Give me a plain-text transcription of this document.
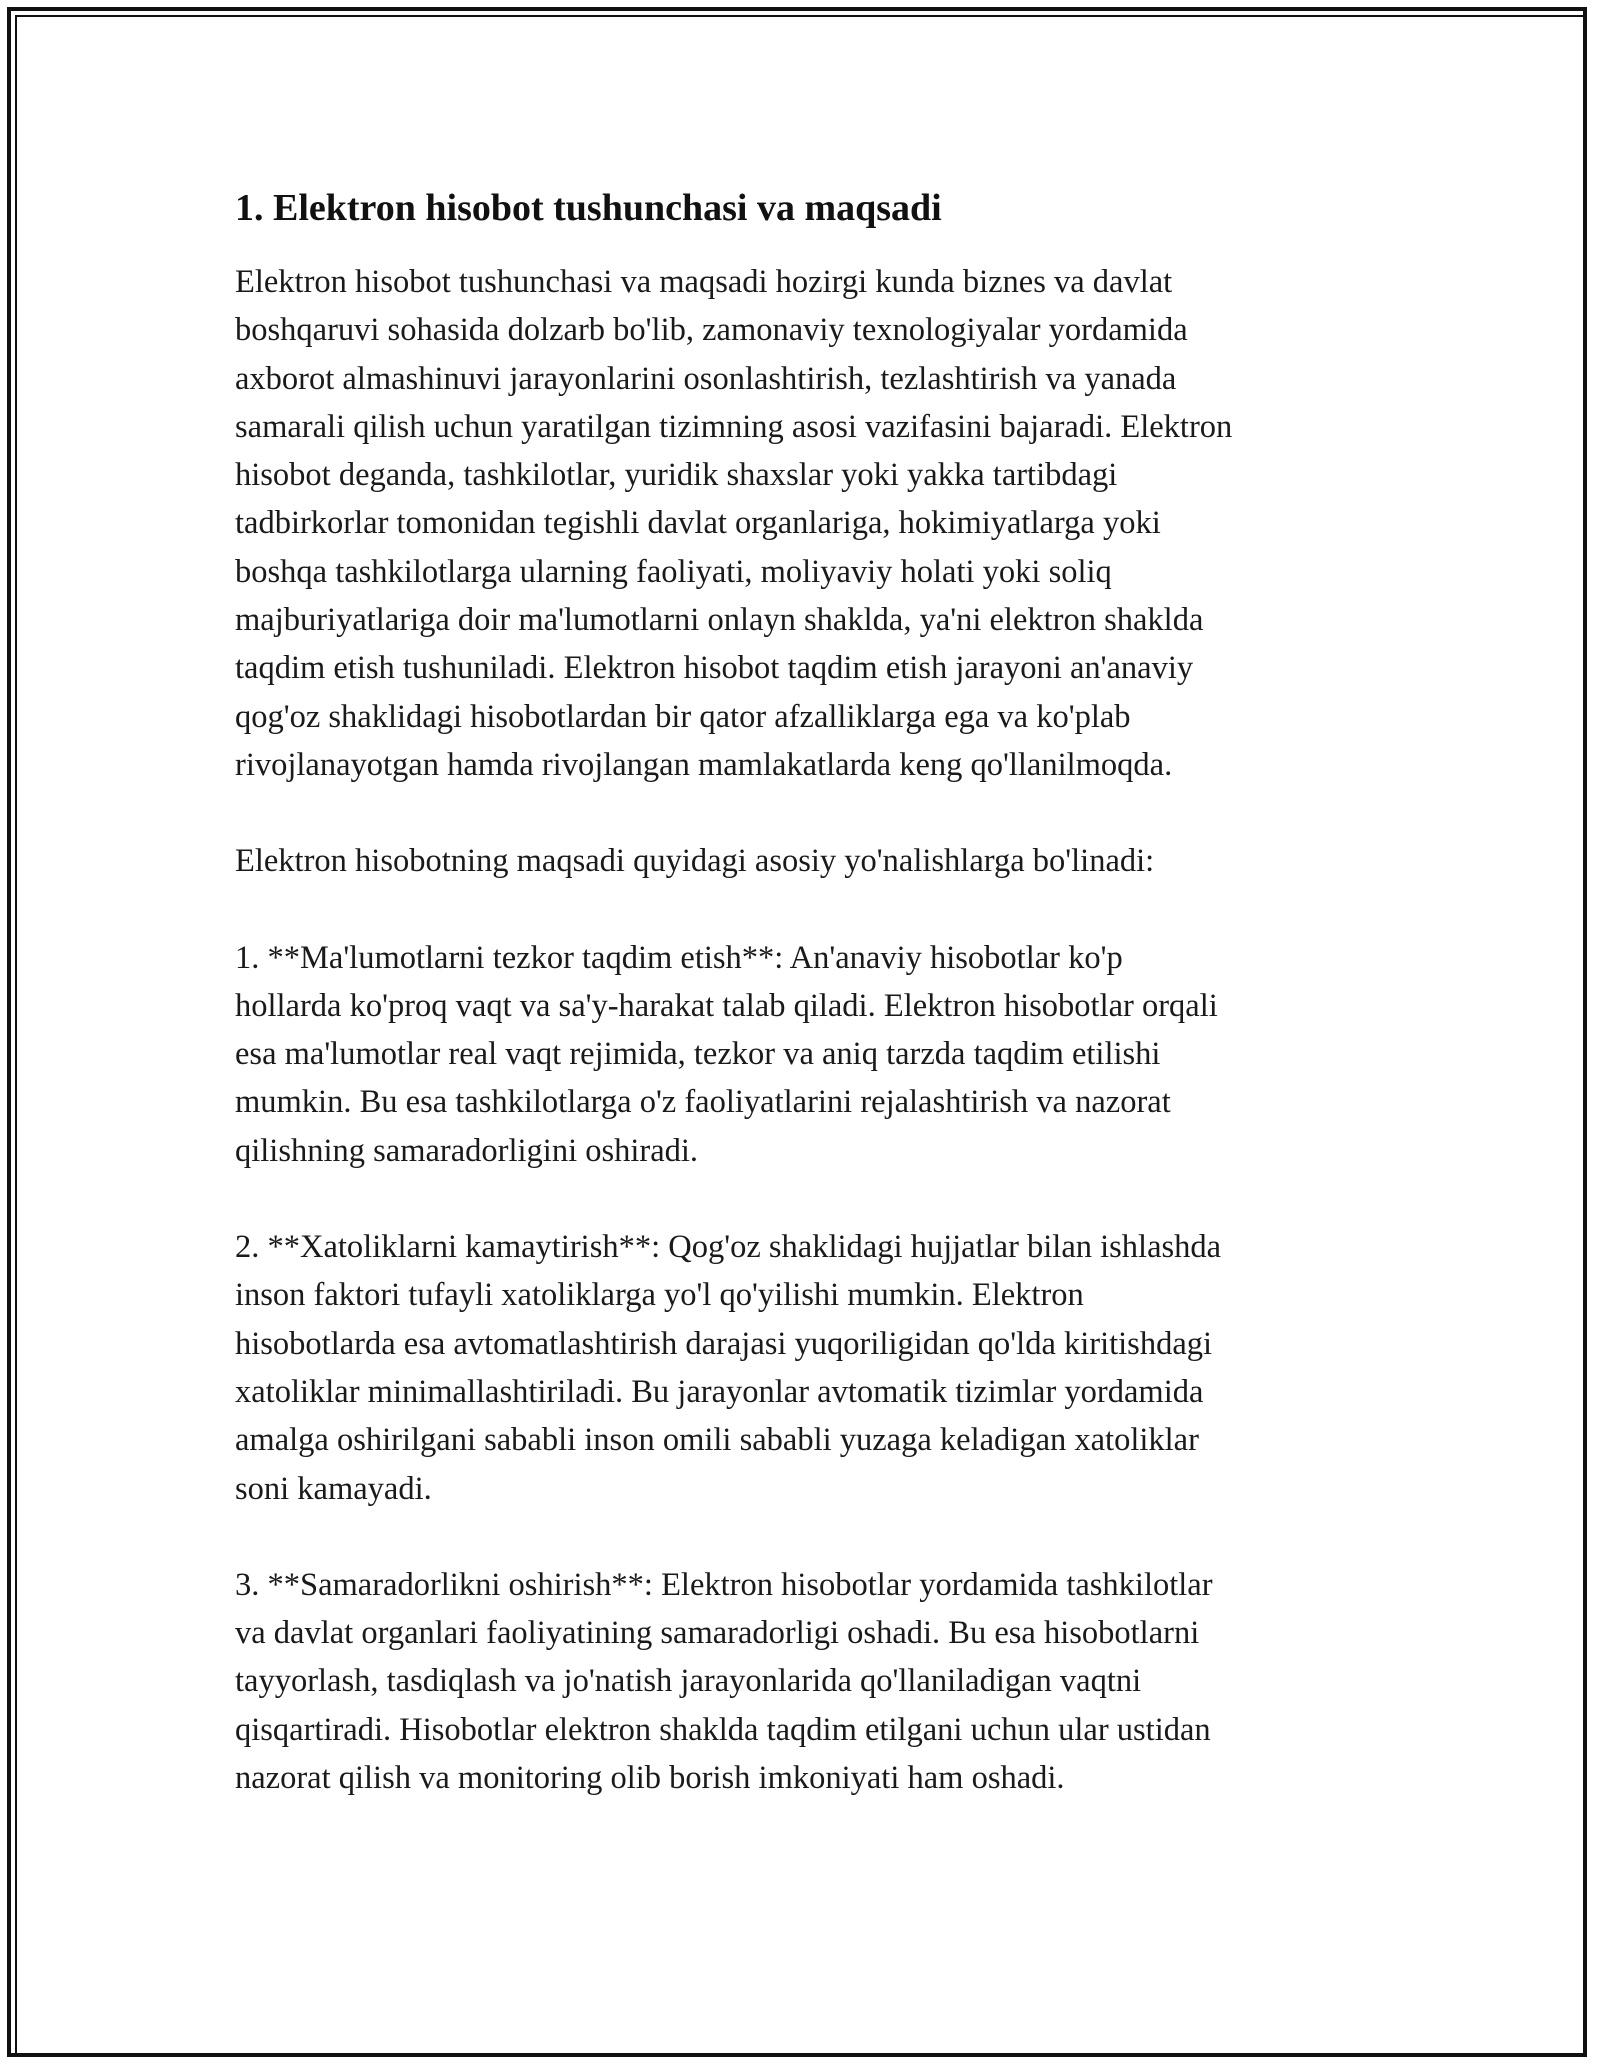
1. Elektron hisobot tushunchasi va maqsadi
Elektron hisobot tushunchasi va maqsadi hozirgi kunda biznes va davlat
boshqaruvi sohasida dolzarb bo'lib, zamonaviy texnologiyalar yordamida
axborot almashinuvi jarayonlarini osonlashtirish, tezlashtirish va yanada
samarali qilish uchun yaratilgan tizimning asosi vazifasini bajaradi. Elektron
hisobot deganda, tashkilotlar, yuridik shaxslar yoki yakka tartibdagi
tadbirkorlar tomonidan tegishli davlat organlariga, hokimiyatlarga yoki
boshqa tashkilotlarga ularning faoliyati, moliyaviy holati yoki soliq
majburiyatlariga doir ma'lumotlarni onlayn shaklda, ya'ni elektron shaklda
taqdim etish tushuniladi. Elektron hisobot taqdim etish jarayoni an'anaviy
qog'oz shaklidagi hisobotlardan bir qator afzalliklarga ega va ko'plab
rivojlanayotgan hamda rivojlangan mamlakatlarda keng qo'llanilmoqda.
Elektron hisobotning maqsadi quyidagi asosiy yo'nalishlarga bo'linadi:
1. **Ma'lumotlarni tezkor taqdim etish**: An'anaviy hisobotlar ko'p
hollarda ko'proq vaqt va sa'y-harakat talab qiladi. Elektron hisobotlar orqali
esa ma'lumotlar real vaqt rejimida, tezkor va aniq tarzda taqdim etilishi
mumkin. Bu esa tashkilotlarga o'z faoliyatlarini rejalashtirish va nazorat
qilishning samaradorligini oshiradi.
2. **Xatoliklarni kamaytirish**: Qog'oz shaklidagi hujjatlar bilan ishlashda
inson faktori tufayli xatoliklarga yo'l qo'yilishi mumkin. Elektron
hisobotlarda esa avtomatlashtirish darajasi yuqoriligidan qo'lda kiritishdagi
xatoliklar minimallashtiriladi. Bu jarayonlar avtomatik tizimlar yordamida
amalga oshirilgani sababli inson omili sababli yuzaga keladigan xatoliklar
soni kamayadi.
3. **Samaradorlikni oshirish**: Elektron hisobotlar yordamida tashkilotlar
va davlat organlari faoliyatining samaradorligi oshadi. Bu esa hisobotlarni
tayyorlash, tasdiqlash va jo'natish jarayonlarida qo'llaniladigan vaqtni
qisqartiradi. Hisobotlar elektron shaklda taqdim etilgani uchun ular ustidan
nazorat qilish va monitoring olib borish imkoniyati ham oshadi.
